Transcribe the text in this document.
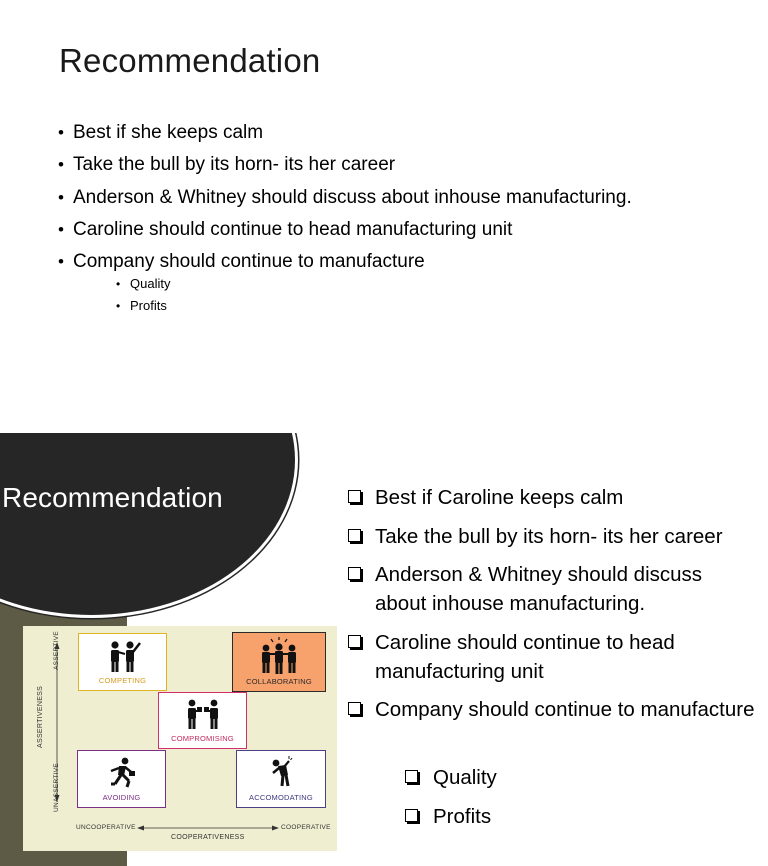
Recommendation
• Best if she keeps calm
• Take the bull by its horn- its her career
• Anderson & Whitney should discuss about inhouse manufacturing.
• Caroline should continue to head manufacturing unit
• Company should continue to manufacture
• Quality
• Profits
Recommendation
ASSERTIVE
ASSERTIVENESS
UNASSERTIVE
UNCOOPERATIVE
COOPERATIVENESS
COOPERATIVE
COMPETING	COLLABORATING
COMPROMISING
AVOIDING	ACCOMODATING
Best if Caroline keeps calm
Take the bull by its horn- its her career
Anderson & Whitney should discuss about inhouse manufacturing.
Caroline should continue to head manufacturing unit
Company should continue to manufacture
Quality
Profits
